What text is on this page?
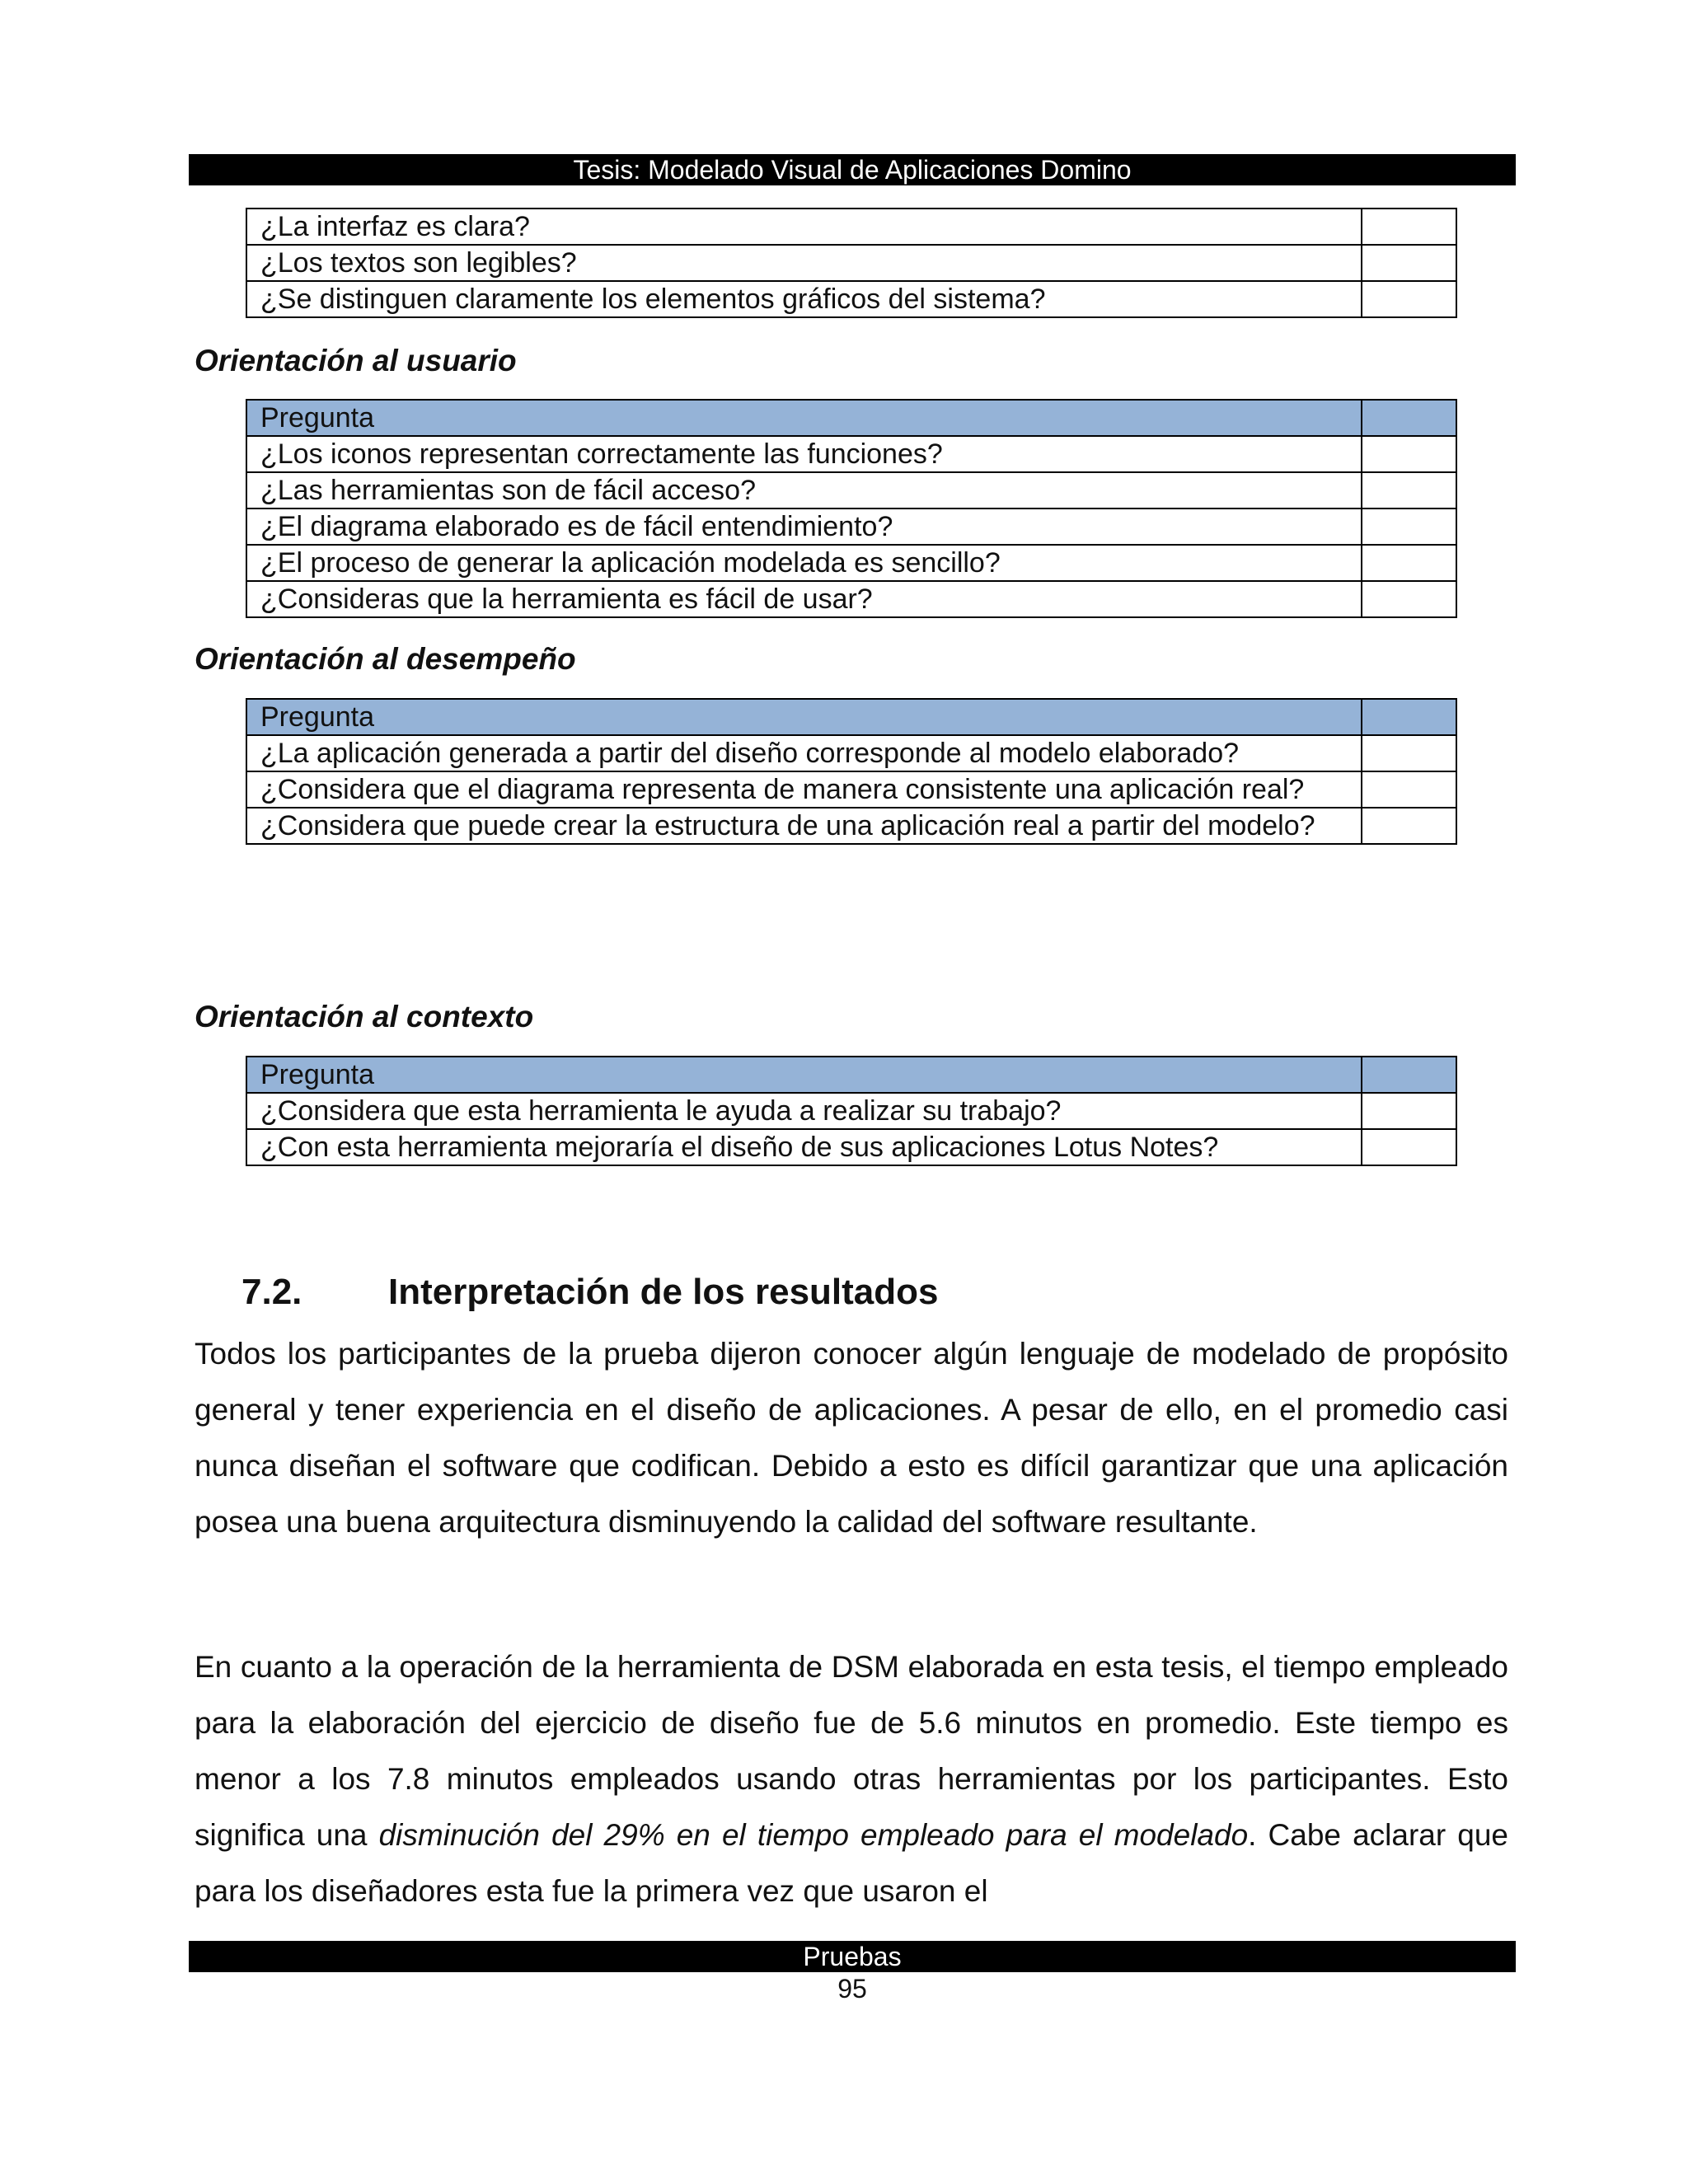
Tesis: Modelado Visual de Aplicaciones Domino
¿La interfaz es clara?	
¿Los textos son legibles?	
¿Se distinguen claramente los elementos gráficos del sistema?	
Orientación al usuario
Pregunta	
¿Los iconos representan correctamente las funciones?	
¿Las herramientas son de fácil acceso?	
¿El diagrama elaborado es de fácil entendimiento?	
¿El proceso de generar la aplicación modelada es sencillo?	
¿Consideras que la herramienta es fácil de usar?	
Orientación al desempeño
Pregunta	
¿La aplicación generada a partir del diseño corresponde al modelo elaborado?	
¿Considera que el diagrama representa de manera consistente una aplicación real?	
¿Considera que puede crear la estructura de una aplicación real a partir del modelo?	
Orientación al contexto
Pregunta	
¿Considera que esta herramienta le ayuda a realizar su trabajo?	
¿Con esta herramienta mejoraría el diseño de sus aplicaciones Lotus Notes?	
7.2. Interpretación de los resultados

Todos los participantes de la prueba dijeron conocer algún lenguaje de modelado de propósito general y tener experiencia en el diseño de aplicaciones. A pesar de ello, en el promedio casi nunca diseñan el software que codifican. Debido a esto es difícil garantizar que una aplicación posea una buena arquitectura disminuyendo la calidad del software resultante.

En cuanto a la operación de la herramienta de DSM elaborada en esta tesis, el tiempo empleado para la elaboración del ejercicio de diseño fue de 5.6 minutos en promedio. Este tiempo es menor a los 7.8 minutos empleados usando otras herramientas por los participantes. Esto significa una disminución del 29% en el tiempo empleado para el modelado. Cabe aclarar que para los diseñadores esta fue la primera vez que usaron el

Pruebas
95
